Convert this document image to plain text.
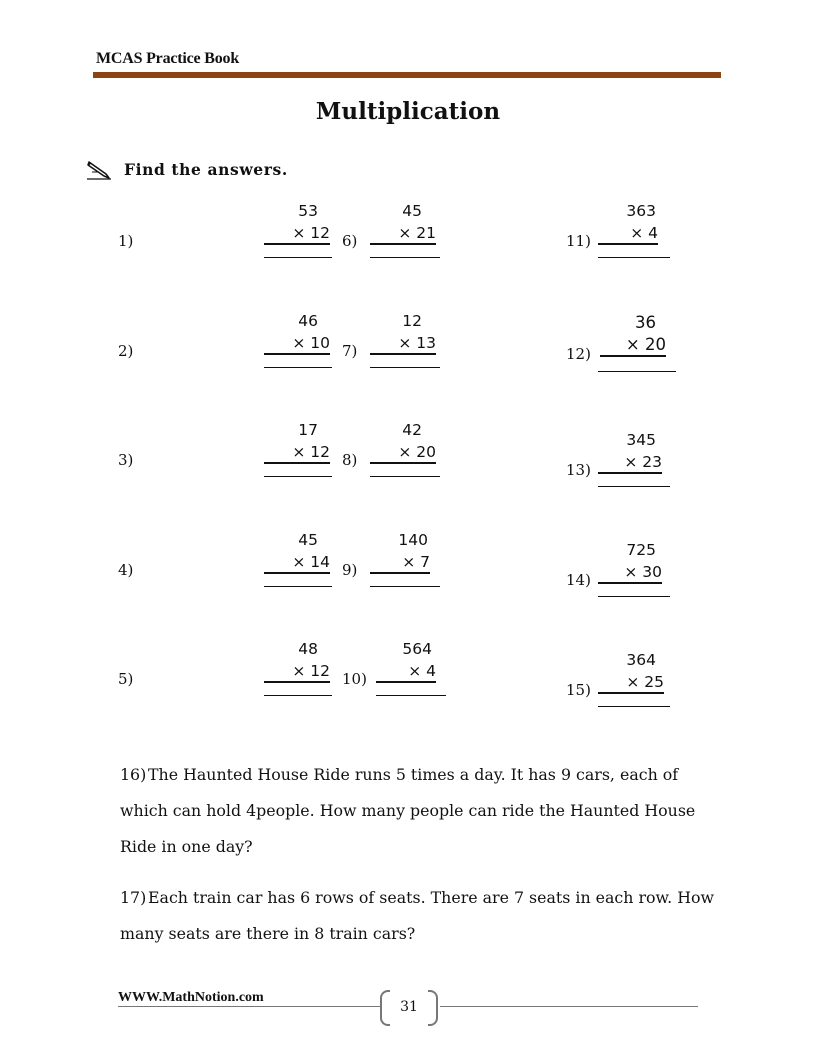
MCAS Practice Book
Multiplication
Find the answers.
1)
53
× 12
2)
46
× 10
3)
17
× 12
4)
45
× 14
5)
48
× 12
6)
45
× 21
7)
12
× 13
8)
42
× 20
9)
140
× 7
10)
564
× 4
11)
363
× 4
12)
36
× 20
13)
345
× 23
14)
725
× 30
15)
364
× 25
16) The Haunted House Ride runs 5 times a day. It has 9 cars, each of which can hold 4people. How many people can ride the Haunted House Ride in one day?
17) Each train car has 6 rows of seats. There are 7 seats in each row. How many seats are there in 8 train cars?
WWW.MathNotion.com
31
